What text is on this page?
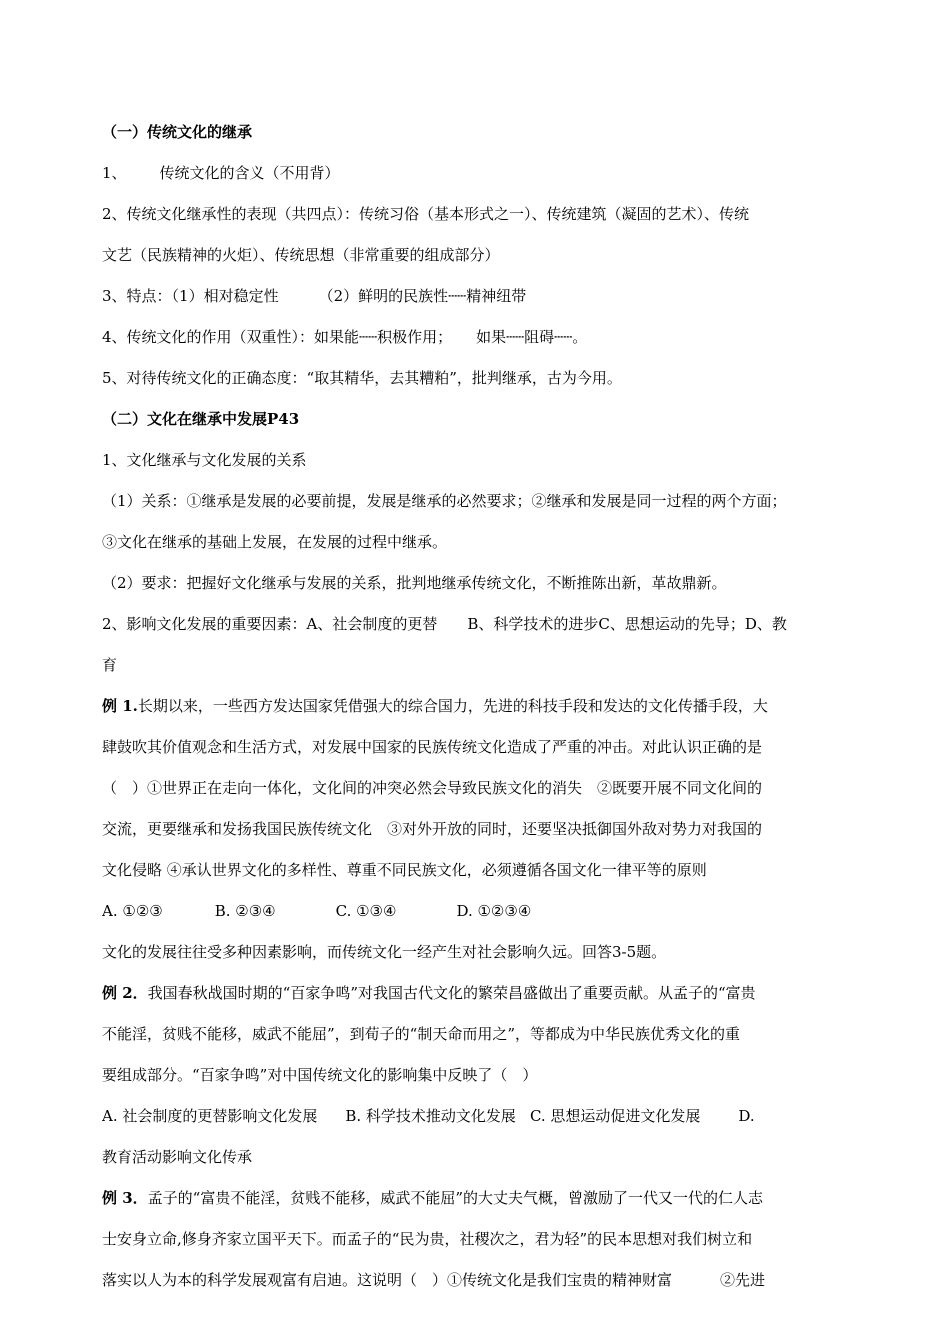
（一）传统文化的继承
1、 传统文化的含义（不用背）
2、传统文化继承性的表现（共四点）：传统习俗（基本形式之一）、传统建筑（凝固的艺术）、传统
文艺（民族精神的火炬）、传统思想（非常重要的组成部分）
3、特点：（1）相对稳定性	（2）鲜明的民族性┄┄精神纽带
4、传统文化的作用（双重性）：如果能┄┄积极作用； 如果┄┄阻碍┄┄。
5、对待传统文化的正确态度：“取其精华，去其糟粕”，批判继承，古为今用。
（二）文化在继承中发展P43
1、文化继承与文化发展的关系
（1）关系：①继承是发展的必要前提，发展是继承的必然要求；②继承和发展是同一过程的两个方面；
③文化在继承的基础上发展，在发展的过程中继承。
（2）要求：把握好文化继承与发展的关系，批判地继承传统文化，不断推陈出新，革故鼎新。
2、影响文化发展的重要因素：A、社会制度的更替　　B、科学技术的进步C、思想运动的先导；D、教
育
例 1.长期以来，一些西方发达国家凭借强大的综合国力，先进的科技手段和发达的文化传播手段，大
肆鼓吹其价值观念和生活方式，对发展中国家的民族传统文化造成了严重的冲击。对此认识正确的是
（　）①世界正在走向一体化，文化间的冲突必然会导致民族文化的消失　②既要开展不同文化间的
交流，更要继承和发扬我国民族传统文化　③对外开放的同时，还要坚决抵御国外敌对势力对我国的
文化侵略 ④承认世界文化的多样性、尊重不同民族文化，必须遵循各国文化一律平等的原则
A. ①②③	B. ②③④	C. ①③④	D. ①②③④
文化的发展往往受多种因素影响，而传统文化一经产生对社会影响久远。回答3-5题。
例 2．我国春秋战国时期的“百家争鸣”对我国古代文化的繁荣昌盛做出了重要贡献。从孟子的“富贵
不能淫，贫贱不能移，威武不能屈”，到荀子的“制天命而用之”，等都成为中华民族优秀文化的重
要组成部分。“百家争鸣”对中国传统文化的影响集中反映了（　）
A. 社会制度的更替影响文化发展 B. 科学技术推动文化发展 C. 思想运动促进文化发展	D.
教育活动影响文化传承
例 3．孟子的“富贵不能淫，贫贱不能移，威武不能屈”的大丈夫气概，曾激励了一代又一代的仁人志
士安身立命,修身齐家立国平天下。而孟子的“民为贵，社稷次之，君为轻”的民本思想对我们树立和
落实以人为本的科学发展观富有启迪。这说明（　）①传统文化是我们宝贵的精神财富	②先进
